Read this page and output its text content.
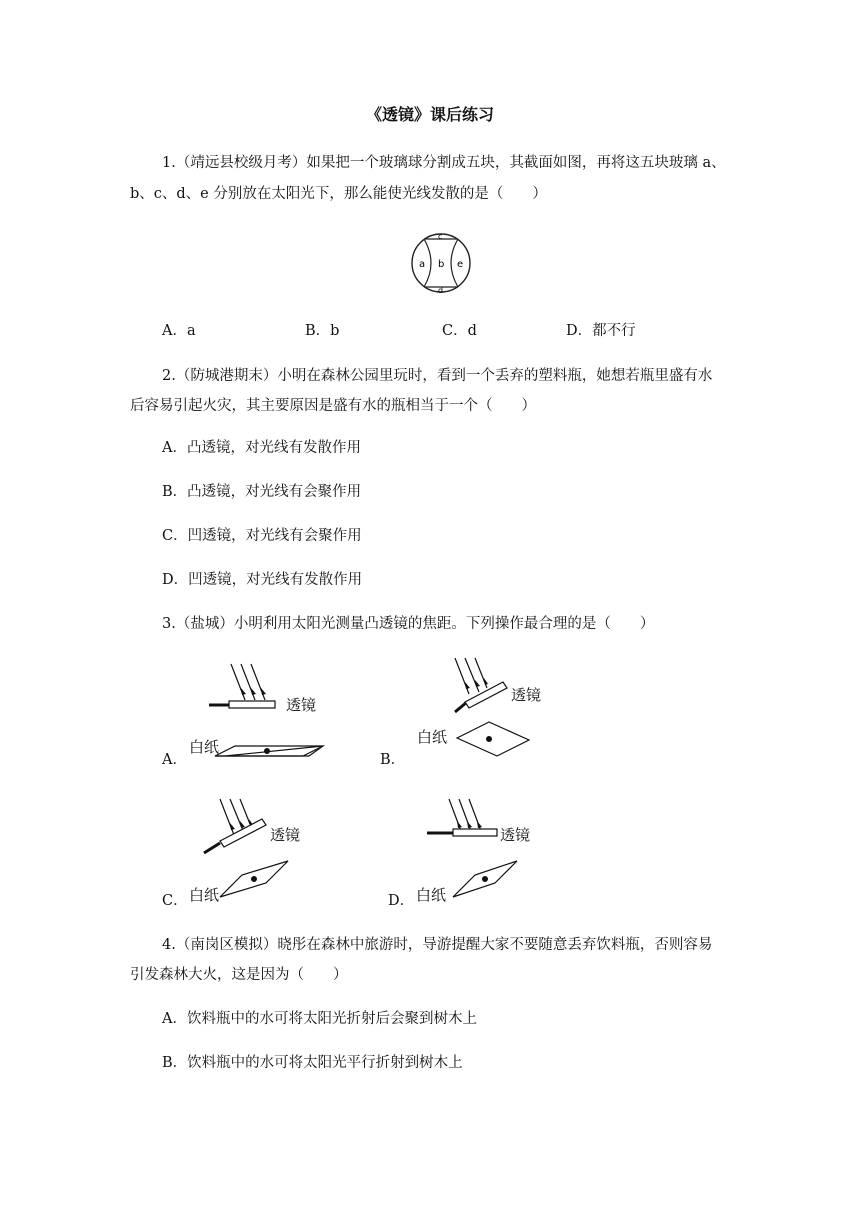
《透镜》课后练习
1.（靖远县校级月考）如果把一个玻璃球分割成五块，其截面如图，再将这五块玻璃 a、
b、c、d、e 分别放在太阳光下，那么能使光线发散的是（　　）
c
a b e
d
A．a	B．b	C．d	D．都不行
2.（防城港期末）小明在森林公园里玩时，看到一个丢弃的塑料瓶，她想若瓶里盛有水
后容易引起火灾，其主要原因是盛有水的瓶相当于一个（　　）
A．凸透镜，对光线有发散作用
B．凸透镜，对光线有会聚作用
C．凹透镜，对光线有会聚作用
D．凹透镜，对光线有发散作用
3.（盐城）小明利用太阳光测量凸透镜的焦距。下列操作最合理的是（　　）
透镜
白纸
A．
透镜
白纸
B．
透镜
白纸
C．
透镜
白纸
D．
4.（南岗区模拟）晓彤在森林中旅游时，导游提醒大家不要随意丢弃饮料瓶，否则容易
引发森林大火，这是因为（　　）
A．饮料瓶中的水可将太阳光折射后会聚到树木上
B．饮料瓶中的水可将太阳光平行折射到树木上
